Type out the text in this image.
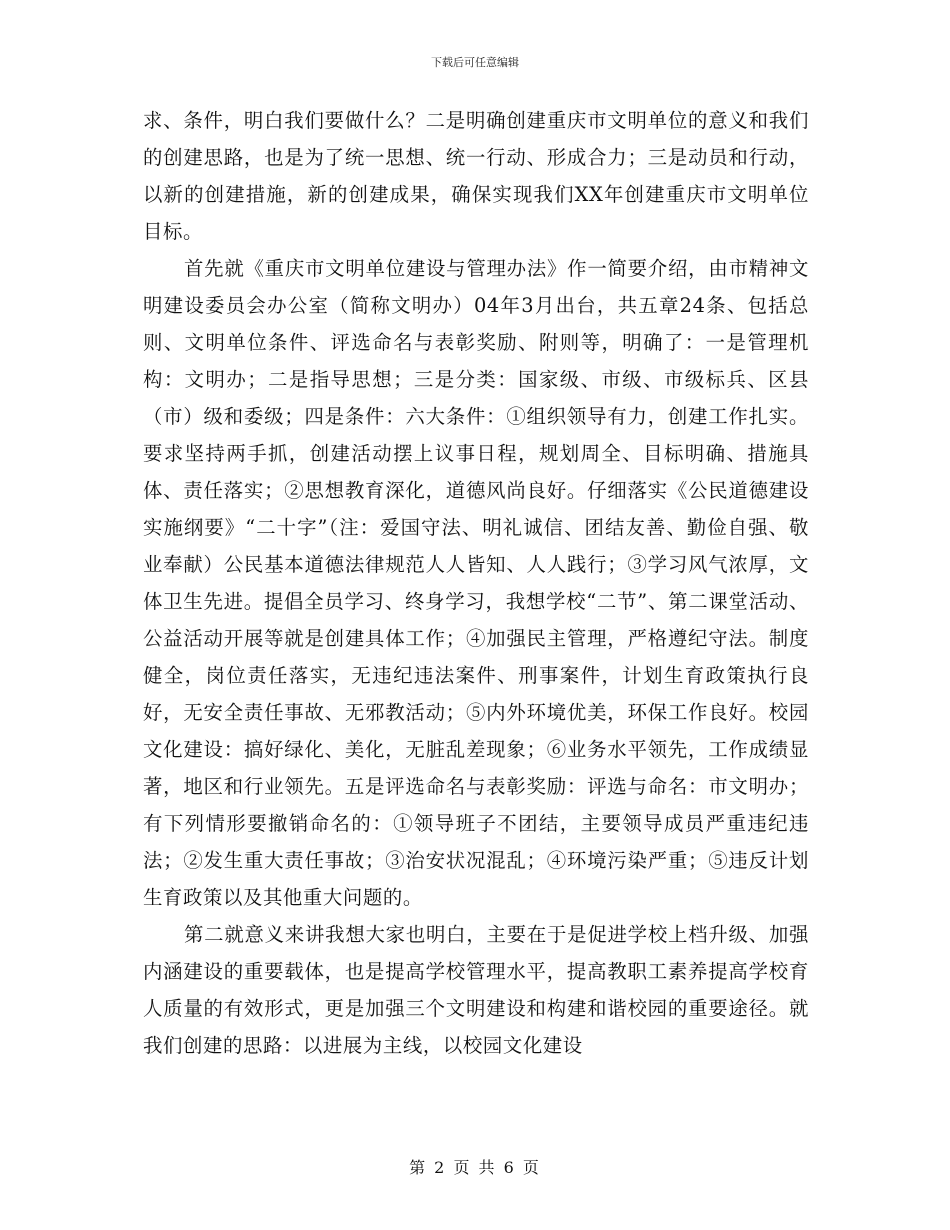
下载后可任意编辑

求、条件，明白我们要做什么？二是明确创建重庆市文明单位的意义和我们的创建思路，也是为了统一思想、统一行动、形成合力；三是动员和行动，以新的创建措施，新的创建成果，确保实现我们XX年创建重庆市文明单位目标。

首先就《重庆市文明单位建设与管理办法》作一简要介绍，由市精神文明建设委员会办公室（简称文明办）04年3月出台，共五章24条、包括总则、文明单位条件、评选命名与表彰奖励、附则等，明确了：一是管理机构：文明办；二是指导思想；三是分类：国家级、市级、市级标兵、区县（市）级和委级；四是条件：六大条件：①组织领导有力，创建工作扎实。要求坚持两手抓，创建活动摆上议事日程，规划周全、目标明确、措施具体、责任落实；②思想教育深化，道德风尚良好。仔细落实《公民道德建设实施纲要》“二十字”（注：爱国守法、明礼诚信、团结友善、勤俭自强、敬业奉献）公民基本道德法律规范人人皆知、人人践行；③学习风气浓厚，文体卫生先进。提倡全员学习、终身学习，我想学校“二节”、第二课堂活动、公益活动开展等就是创建具体工作；④加强民主管理，严格遵纪守法。制度健全，岗位责任落实，无违纪违法案件、刑事案件，计划生育政策执行良好，无安全责任事故、无邪教活动；⑤内外环境优美，环保工作良好。校园文化建设：搞好绿化、美化，无脏乱差现象；⑥业务水平领先，工作成绩显著，地区和行业领先。五是评选命名与表彰奖励：评选与命名：市文明办；有下列情形要撤销命名的：①领导班子不团结，主要领导成员严重违纪违法；②发生重大责任事故；③治安状况混乱；④环境污染严重；⑤违反计划生育政策以及其他重大问题的。

第二就意义来讲我想大家也明白，主要在于是促进学校上档升级、加强内涵建设的重要载体，也是提高学校管理水平，提高教职工素养提高学校育人质量的有效形式，更是加强三个文明建设和构建和谐校园的重要途径。就我们创建的思路：以进展为主线，以校园文化建设

第 2 页 共 6 页
